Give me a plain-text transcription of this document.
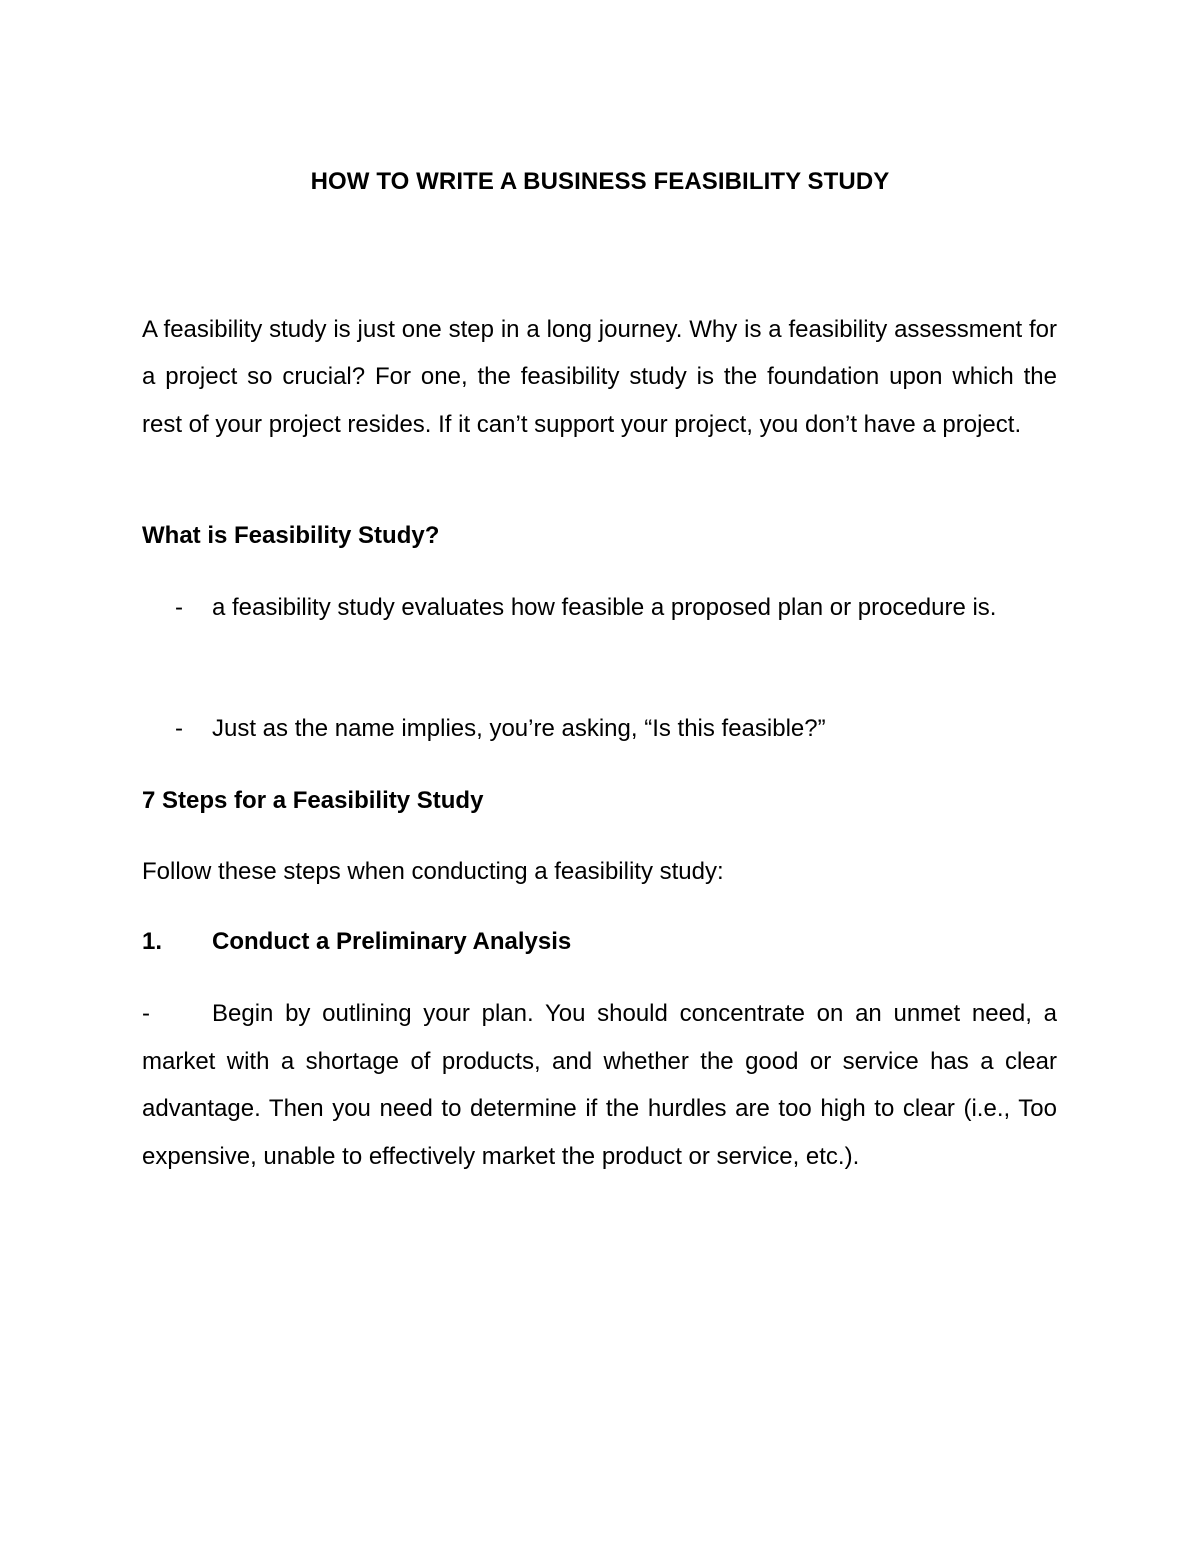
HOW TO WRITE A BUSINESS FEASIBILITY STUDY
A feasibility study is just one step in a long journey. Why is a feasibility assessment for a project so crucial? For one, the feasibility study is the foundation upon which the rest of your project resides. If it can’t support your project, you don’t have a project.
What is Feasibility Study?
- a feasibility study evaluates how feasible a proposed plan or procedure is.
- Just as the name implies, you’re asking, “Is this feasible?”
7 Steps for a Feasibility Study
Follow these steps when conducting a feasibility study:
1. Conduct a Preliminary Analysis
-	Begin by outlining your plan. You should concentrate on an unmet need, a market with a shortage of products, and whether the good or service has a clear advantage. Then you need to determine if the hurdles are too high to clear (i.e., Too expensive, unable to effectively market the product or service, etc.).
